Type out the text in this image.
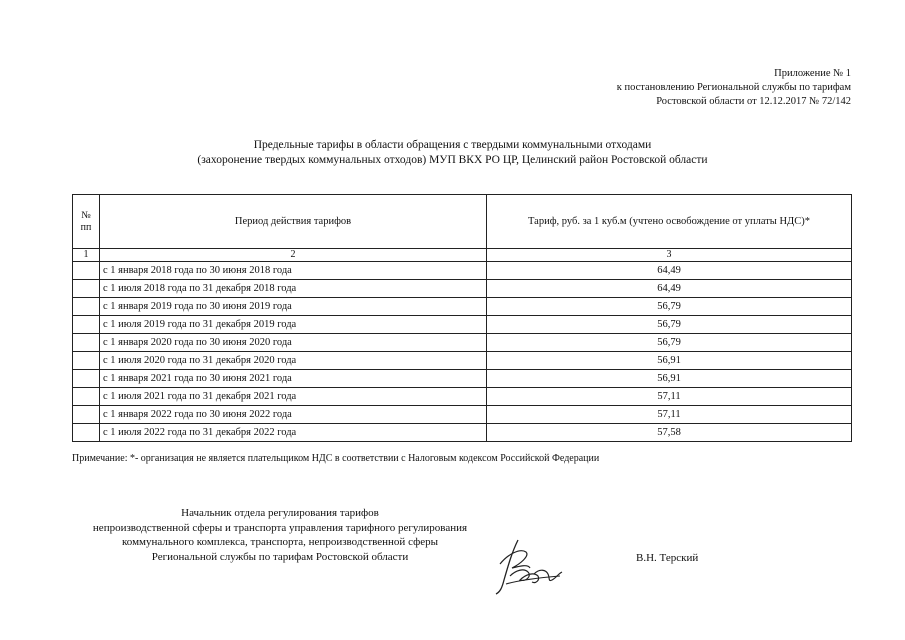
Приложение № 1
к постановлению Региональной службы по тарифам
Ростовской области от 12.12.2017 № 72/142
Предельные тарифы в области обращения с твердыми коммунальными отходами
(захоронение твердых коммунальных отходов) МУП ВКХ РО ЦР, Целинский район Ростовской области
№
пп	Период действия тарифов	Тариф, руб. за 1 куб.м (учтено освобождение от уплаты НДС)*
1	2	3
	с 1 января 2018 года по 30 июня 2018 года	64,49
	с 1 июля 2018 года по 31 декабря 2018 года	64,49
	с 1 января 2019 года по 30 июня 2019 года	56,79
	с 1 июля 2019 года по 31 декабря 2019 года	56,79
	с 1 января 2020 года по 30 июня 2020 года	56,79
	с 1 июля 2020 года по 31 декабря 2020 года	56,91
	с 1 января 2021 года по 30 июня 2021 года	56,91
	с 1 июля 2021 года по 31 декабря 2021 года	57,11
	с 1 января 2022 года по 30 июня 2022 года	57,11
	с 1 июля 2022 года по 31 декабря 2022 года	57,58
Примечание: *- организация не является плательщиком НДС в соответствии с Налоговым кодексом Российской Федерации
Начальник отдела регулирования тарифов
непроизводственной сферы и транспорта управления тарифного регулирования
коммунального комплекса, транспорта, непроизводственной сферы
Региональной службы по тарифам Ростовской области	В.Н. Терский
